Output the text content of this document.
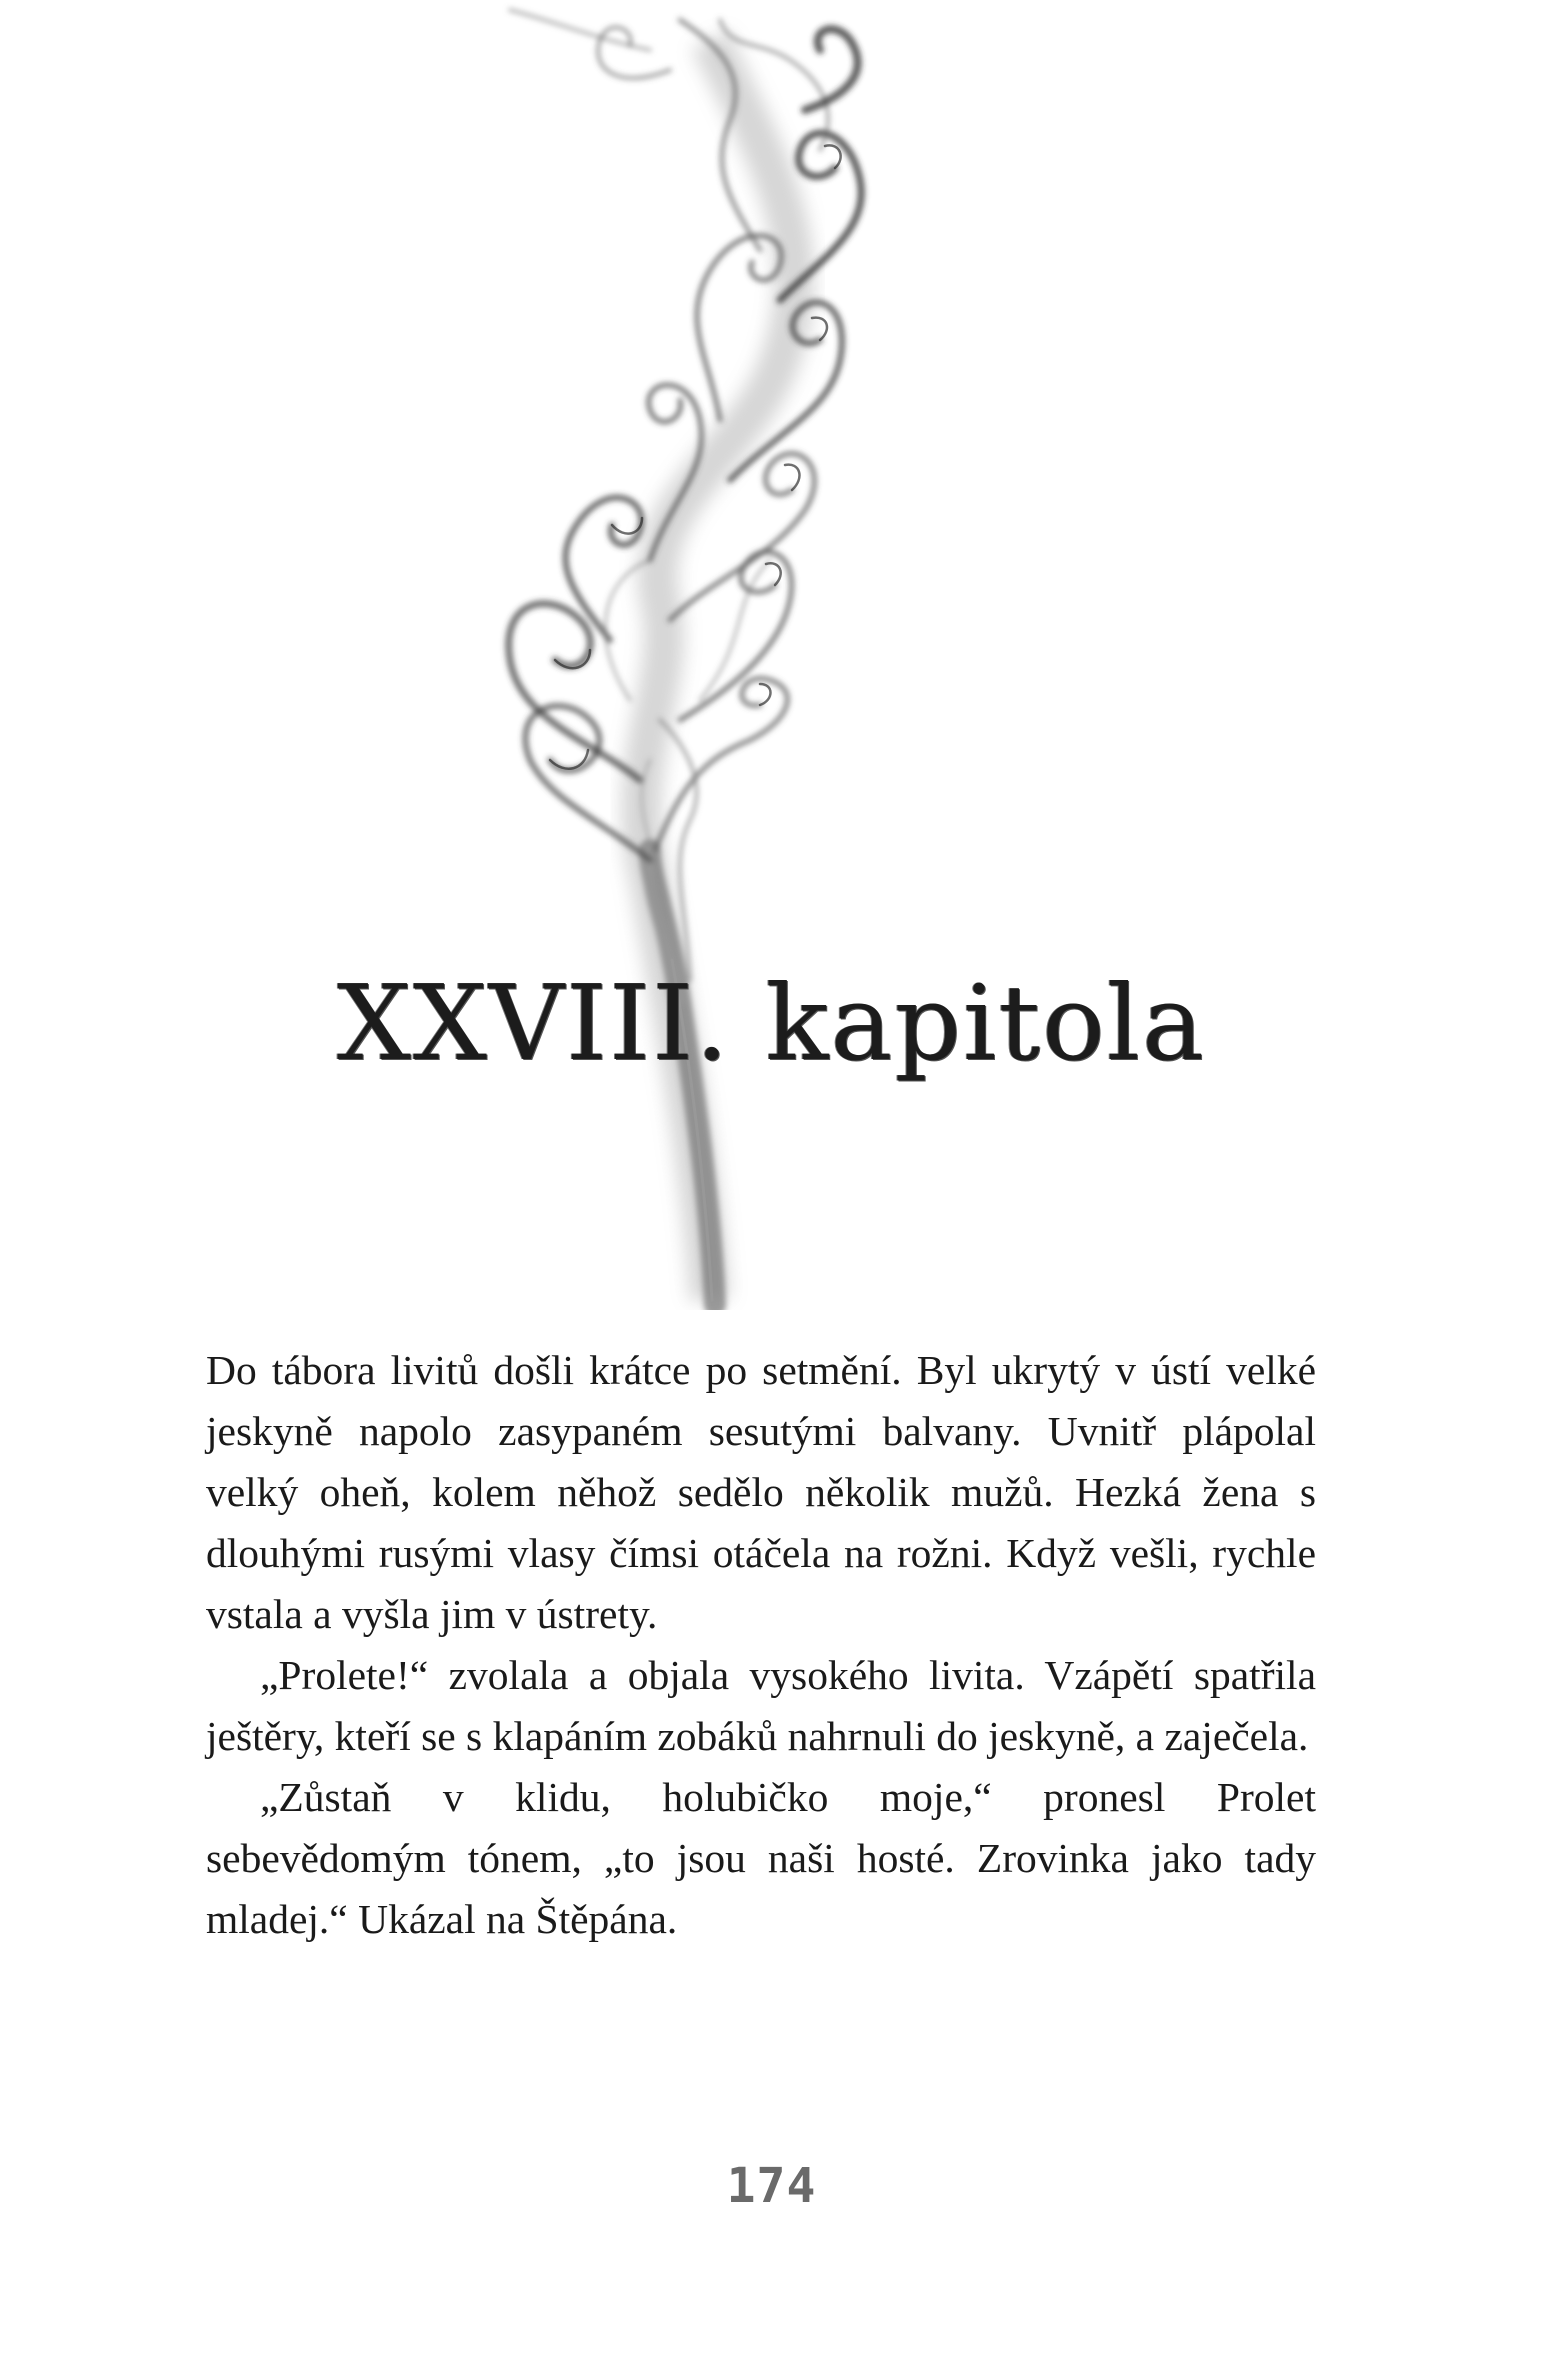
XXVIII. kapitola

Do tábora livitů došli krátce po setmění. Byl ukrytý v ústí velké jeskyně napolo zasypaném sesutými balvany. Uvnitř plápolal velký oheň, kolem něhož sedělo několik mužů. Hezká žena s dlouhými rusými vlasy čímsi otáčela na rožni. Když vešli, rychle vstala a vyšla jim v ústrety.

„Prolete!“ zvolala a objala vysokého livita. Vzápětí spatřila ještěry, kteří se s klapáním zobáků nahrnuli do jeskyně, a zaječela.

„Zůstaň v klidu, holubičko moje,“ pronesl Prolet sebevědomým tónem, „to jsou naši hosté. Zrovinka jako tady mladej.“ Ukázal na Štěpána.

174
